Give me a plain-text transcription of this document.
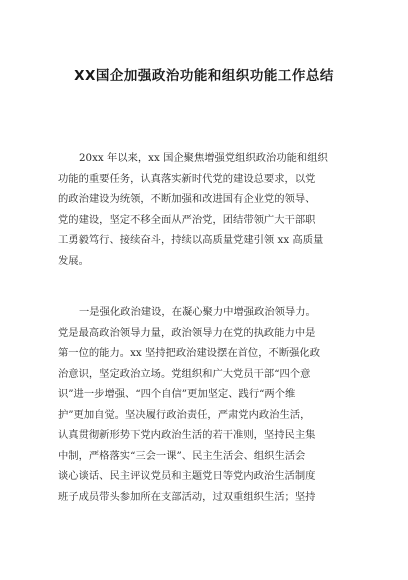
XX国企加强政治功能和组织功能工作总结
20xx 年以来，xx 国企聚焦增强党组织政治功能和组织
功能的重要任务，认真落实新时代党的建设总要求，以党
的政治建设为统领，不断加强和改进国有企业党的领导、
党的建设，坚定不移全面从严治党，团结带领广大干部职
工勇毅笃行、接续奋斗，持续以高质量党建引领 xx 高质量
发展。
一是强化政治建设，在凝心聚力中增强政治领导力。
党是最高政治领导力量，政治领导力在党的执政能力中是
第一位的能力。xx 坚持把政治建设摆在首位，不断强化政
治意识，坚定政治立场。党组织和广大党员干部“四个意
识”进一步增强、“四个自信”更加坚定、践行“两个维
护”更加自觉。坚决履行政治责任，严肃党内政治生活，
认真贯彻新形势下党内政治生活的若干准则，坚持民主集
中制，严格落实“三会一课”、民主生活会、组织生活会
谈心谈话、民主评议党员和主题党日等党内政治生活制度
班子成员带头参加所在支部活动，过双重组织生活；坚持
